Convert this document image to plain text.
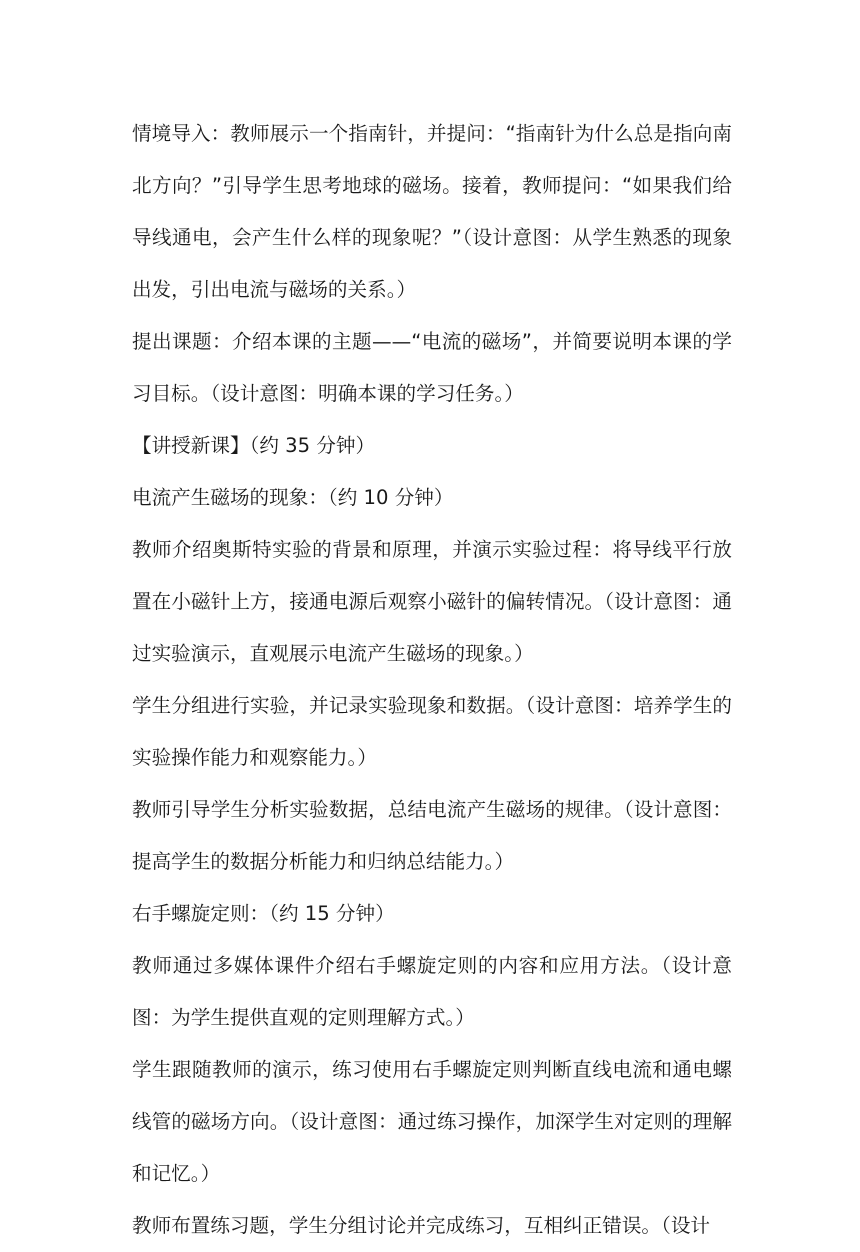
情境导入：教师展示一个指南针，并提问：“指南针为什么总是指向南北方向？”引导学生思考地球的磁场。接着，教师提问：“如果我们给导线通电，会产生什么样的现象呢？”（设计意图：从学生熟悉的现象出发，引出电流与磁场的关系。）

提出课题：介绍本课的主题——“电流的磁场”，并简要说明本课的学习目标。（设计意图：明确本课的学习任务。）

【讲授新课】（约 35 分钟）

电流产生磁场的现象：（约 10 分钟）

教师介绍奥斯特实验的背景和原理，并演示实验过程：将导线平行放置在小磁针上方，接通电源后观察小磁针的偏转情况。（设计意图：通过实验演示，直观展示电流产生磁场的现象。）

学生分组进行实验，并记录实验现象和数据。（设计意图：培养学生的实验操作能力和观察能力。）

教师引导学生分析实验数据，总结电流产生磁场的规律。（设计意图：提高学生的数据分析能力和归纳总结能力。）

右手螺旋定则：（约 15 分钟）

教师通过多媒体课件介绍右手螺旋定则的内容和应用方法。（设计意图：为学生提供直观的定则理解方式。）

学生跟随教师的演示，练习使用右手螺旋定则判断直线电流和通电螺线管的磁场方向。（设计意图：通过练习操作，加深学生对定则的理解和记忆。）

教师布置练习题，学生分组讨论并完成练习，互相纠正错误。（设计
